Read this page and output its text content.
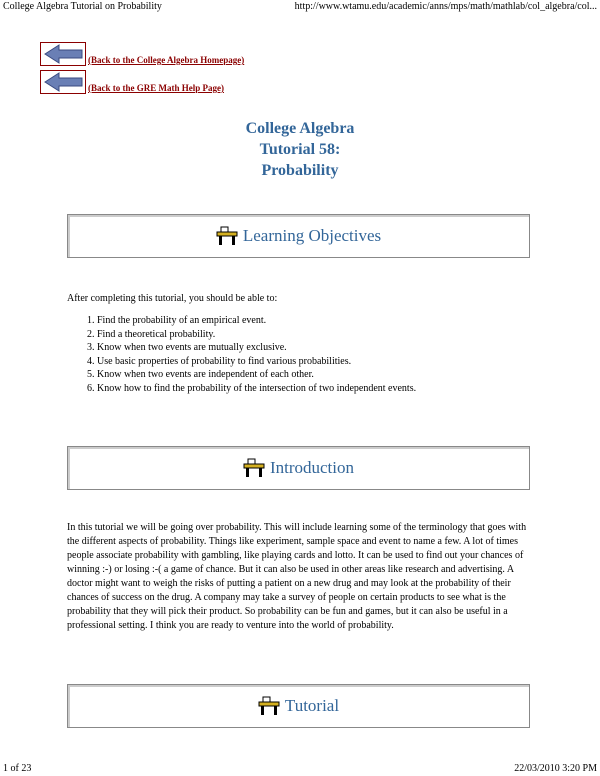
College Algebra Tutorial on Probability	http://www.wtamu.edu/academic/anns/mps/math/mathlab/col_algebra/col...
(Back to the College Algebra Homepage)
(Back to the GRE Math Help Page)
College Algebra
Tutorial 58:
Probability
Learning Objectives
After completing this tutorial, you should be able to:
1. Find the probability of an empirical event.
2. Find a theoretical probability.
3. Know when two events are mutually exclusive.
4. Use basic properties of probability to find various probabilities.
5. Know when two events are independent of each other.
6. Know how to find the probability of the intersection of two independent events.
Introduction
In this tutorial we will be going over probability. This will include learning some of the terminology that goes with the different aspects of probability. Things like experiment, sample space and event to name a few. A lot of times people associate probability with gambling, like playing cards and lotto. It can be used to find out your chances of winning :-) or losing :-( a game of chance. But it can also be used in other areas like research and advertising. A doctor might want to weigh the risks of putting a patient on a new drug and may look at the probability of their chances of success on the drug. A company may take a survey of people on certain products to see what is the probability that they will pick their product. So probability can be fun and games, but it can also be useful in a professional setting. I think you are ready to venture into the world of probability.
Tutorial
1 of 23	22/03/2010 3:20 PM
